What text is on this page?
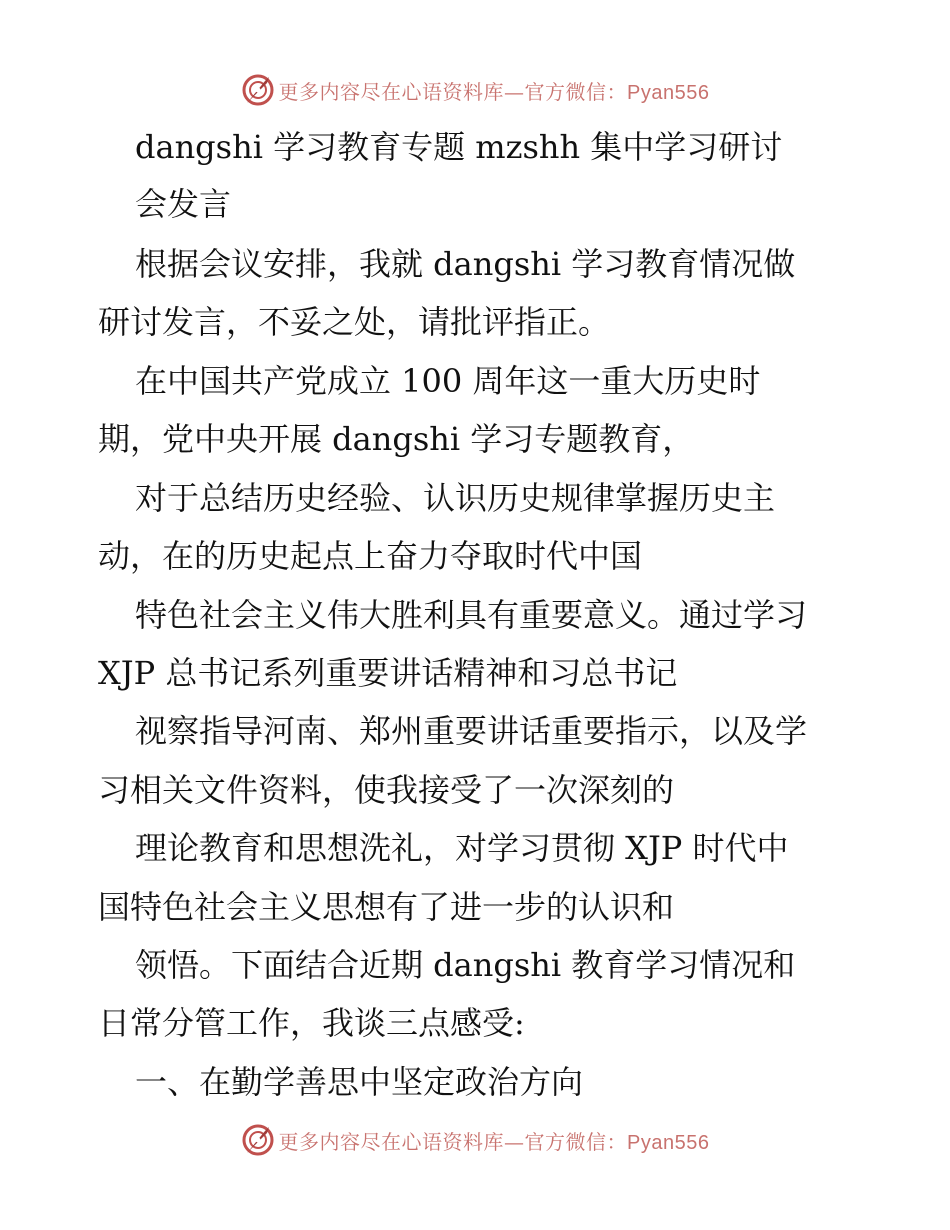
更多内容尽在心语资料库—官方微信：Pyan556
dangshi 学习教育专题 mzshh 集中学习研讨
会发言
根据会议安排，我就 dangshi 学习教育情况做
研讨发言，不妥之处，请批评指正。
在中国共产党成立 100 周年这一重大历史时
期，党中央开展 dangshi 学习专题教育，
对于总结历史经验、认识历史规律掌握历史主
动，在的历史起点上奋力夺取时代中国
特色社会主义伟大胜利具有重要意义。通过学习
XJP 总书记系列重要讲话精神和习总书记
视察指导河南、郑州重要讲话重要指示，以及学
习相关文件资料，使我接受了一次深刻的
理论教育和思想洗礼，对学习贯彻 XJP 时代中
国特色社会主义思想有了进一步的认识和
领悟。下面结合近期 dangshi 教育学习情况和
日常分管工作，我谈三点感受:
一、在勤学善思中坚定政治方向
更多内容尽在心语资料库—官方微信：Pyan556
